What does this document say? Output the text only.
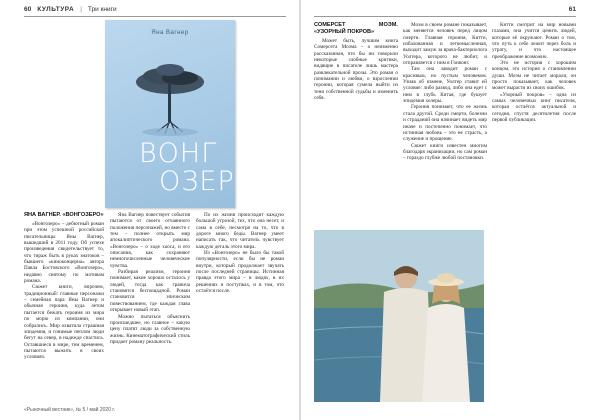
60 КУЛЬТУРА | Три книги	61
Яна Вагнер
ВОНГ
ОЗЕРО

ЯНА ВАГНЕР. «ВОНГОЗЕРО»

«Вонгозеро» – дебютный роман при этом успешной российской писательницы Яны Вагнер, вышедший в 2011 году. Об успехе произведения свидетельствует то, что тираж быть в руках знатоков – бывшего «киноконцерна» автора Павла Бостовского «Вонгозеро», недавно снятому по мотивам романа.

Сюжет книги, впрочем, традиционный: главные персонажи – семейная пара Яны Вагнер и обычная героиня, куда летом пытается бежать героиня из мира по морю из компании, они собрались. Мир охватила страшная эпидемия, и гонимые пеплом люди бегут на север, в надежде спастись. Оставшиеся в мире, тем временем, пытаются выжить в своих условиях.

Яна Вагнер повествует события пытаются от своего отчаянного положения персонажей, но вместе с тем – полнее открыть мир апокалиптического романа. «Вонгозеро» – о ходе хаоса, и его описания, как сохраняют немногочисленные человеческие чувства.

Разбирая реализм, героиня понимает, какие хорошо осталось у людей, тогда как гранича становятся беспощадной. Роман становится эпическим повествованием, где каждая глава открывает новый этап.

Можно пытаться объяснить происшедшее, но главное – какую цену платят люди за собственную жизнь. Кинематографический стиль придает роману реальность.

По их жизни происходит каждую большой угрозой, тех, что она несет, и сама в себе, несмотря на то, что в дороге много беды. Вагнер умеет написать так, что читатель чувствует каждую деталь этого мира.

Из «Вонгозеро» не было бы такой популярности, если бы не роман внутри, который продолжает звучать после последней страницы. Истинная правда этого мира – в людях, в их решениях и поступках, и в том, что остаётся после.

СОМЕРСЕТ МОЭМ. «УЗОРНЫЙ ПОКРОВ»

Может быть, лучшим книга Сомерсета Моэма – о неизменно рассказанная, что бы ни говорили некоторые злобные критики, видящие в писателе лишь мастера развлекательной прозы. Это роман о понимании и любви, о взрослении героини, которая сумела выйти из тени собственной судьбы и изменить себя.

Моэм в своем романе показывает, как меняется человек перед лицом смерти. Главная героиня, Китти, избалованная и легкомысленная, выходит замуж за врача-бактериолога Уолтера, которого не любит, и отправляется с ним в Гонконг.

Там она заводит роман с красивым, но пустым человеком. Узнав об измене, Уолтер ставит ей условие: либо развод, либо она едет с ним в глубь Китая, где бушует эпидемия холеры.

Героиня понимает, что ее жизнь стала другой. Среди смерти, болезни и страданий она начинает видеть мир иначе и постепенно понимает, что истинная любовь – это не страсть, а служение и прощение.

Сюжет книги известен многим благодаря экранизации, но сам роман – гораздо глубже любой постановки.

Китти смотрит на мир новыми глазами, она учится ценить людей, которые её окружают. Роман о том, что путь к себе лежит через боль и утрату, и что настоящее преображение возможно.

Это не история с хорошим концом, это история о становлении души. Моэм не читает морали, он просто показывает, как человек может вырасти из своих ошибок.

«Узорный покров» – одна из самых человечных книг писателя, которая остаётся актуальной и сегодня, спустя десятилетия после первой публикации.

«Рыночный вестник», № 5 / май 2020 г.
